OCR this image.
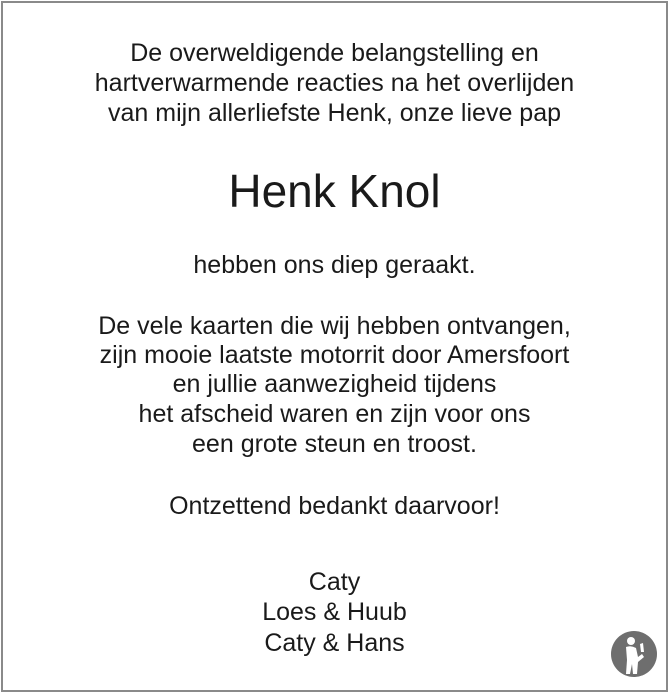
De overweldigende belangstelling en
hartverwarmende reacties na het overlijden
van mijn allerliefste Henk, onze lieve pap
Henk Knol
hebben ons diep geraakt.
De vele kaarten die wij hebben ontvangen,
zijn mooie laatste motorrit door Amersfoort
en jullie aanwezigheid tijdens
het afscheid waren en zijn voor ons
een grote steun en troost.
Ontzettend bedankt daarvoor!
Caty
Loes & Huub
Caty & Hans
